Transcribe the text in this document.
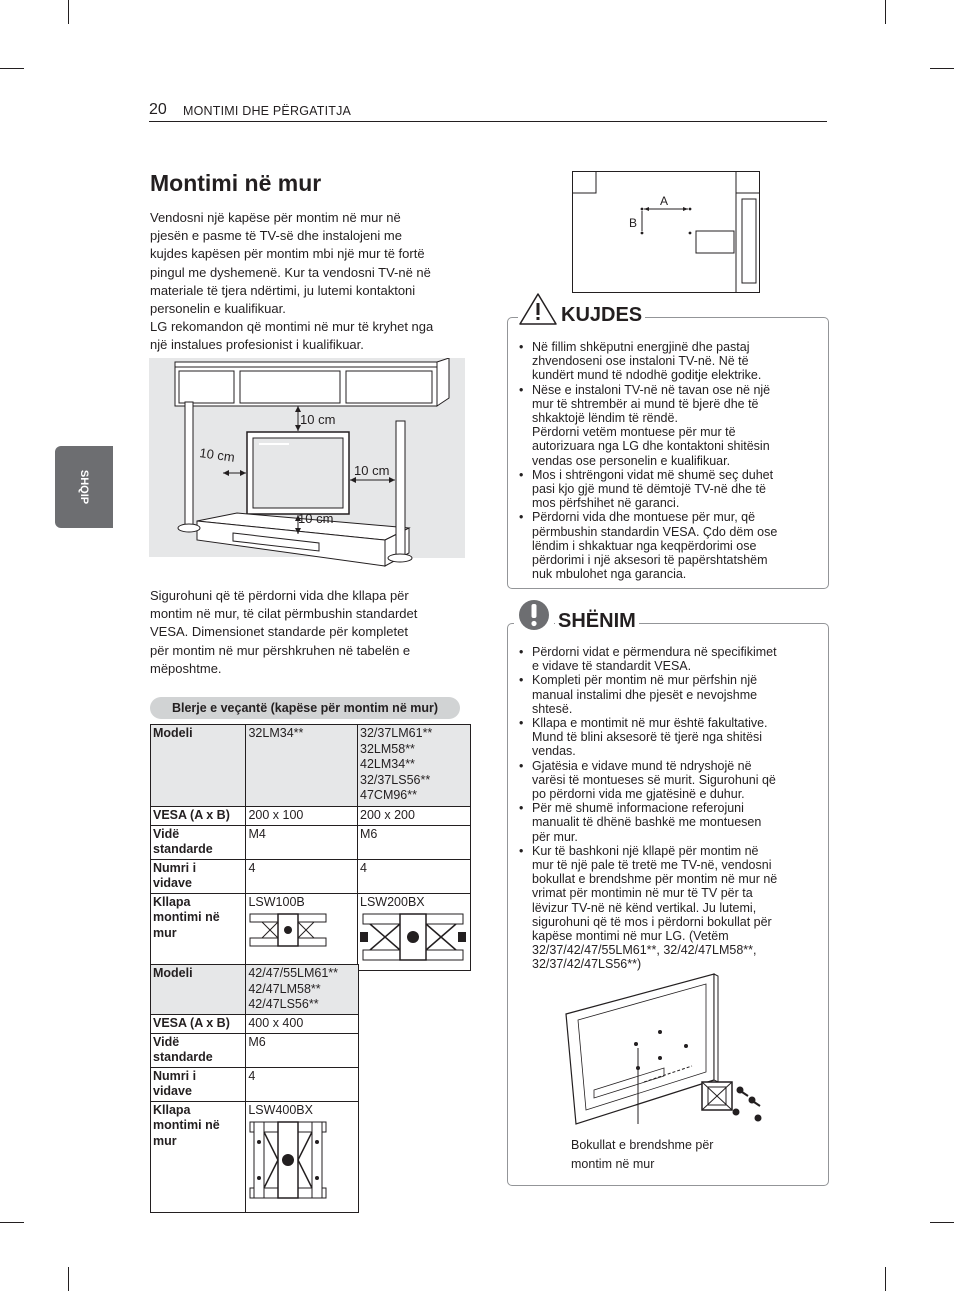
20 MONTIMI DHE PËRGATITJA
SHQIP
Montimi në mur
Vendosni një kapëse për montim në mur në
pjesën e pasme të TV-së dhe instalojeni me
kujdes kapësen për montim mbi një mur të fortë
pingul me dyshemenë. Kur ta vendosni TV-në në
materiale të tjera ndërtimi, ju lutemi kontaktoni
personelin e kualifikuar.
LG rekomandon që montimi në mur të kryhet nga
një instalues profesionist i kualifikuar.
10 cm
10 cm
10 cm
10 cm
Sigurohuni që të përdorni vida dhe kllapa për
montim në mur, të cilat përmbushin standardet
VESA. Dimensionet standarde për kompletet
për montim në mur përshkruhen në tabelën e
mëposhtme.
Blerje e veçantë (kapëse për montim në mur)
Modeli	32LM34**	32/37LM61**
32LM58**
42LM34**
32/37LS56**
47CM96**

VESA (A x B)	200 x 100	200 x 200

Vidë
standarde	M4	M6

Numri i
vidave	4	4

Kllapa
montimi në
mur	LSW100B	LSW200BX
Modeli	42/47/55LM61**
42/47LM58**
42/47LS56**

VESA (A x B)	400 x 400

Vidë
standarde	M6

Numri i
vidave	4

Kllapa
montimi në
mur	LSW400BX
A
B
KUJDES
• Në fillim shkëputni energjinë dhe pastaj
zhvendoseni ose instaloni TV-në. Në të
kundërt mund të ndodhë goditje elektrike.
• Nëse e instaloni TV-në në tavan ose në një
mur të shtrembër ai mund të bjerë dhe të
shkaktojë lëndim të rëndë.
Përdorni vetëm montuese për mur të
autorizuara nga LG dhe kontaktoni shitësin
vendas ose personelin e kualifikuar.
• Mos i shtrëngoni vidat më shumë seç duhet
pasi kjo gjë mund të dëmtojë TV-në dhe të
mos përfshihet në garanci.
• Përdorni vida dhe montuese për mur, që
përmbushin standardin VESA. Çdo dëm ose
lëndim i shkaktuar nga keqpërdorimi ose
përdorimi i një aksesori të papërshtatshëm
nuk mbulohet nga garancia.
SHËNIM
• Përdorni vidat e përmendura në specifikimet
e vidave të standardit VESA.
• Kompleti për montim në mur përfshin një
manual instalimi dhe pjesët e nevojshme
shtesë.
• Kllapa e montimit në mur është fakultative.
Mund të blini aksesorë të tjerë nga shitësi
vendas.
• Gjatësia e vidave mund të ndryshojë në
varësi të montueses së murit. Sigurohuni që
po përdorni vida me gjatësinë e duhur.
• Për më shumë informacione referojuni
manualit të dhënë bashkë me montuesen
për mur.
• Kur të bashkoni një kllapë për montim në
mur të një pale të tretë me TV-në, vendosni
bokullat e brendshme për montim në mur në
vrimat për montimin në mur të TV për ta
lëvizur TV-në në kënd vertikal. Ju lutemi,
sigurohuni që të mos i përdorni bokullat për
kapëse montimi në mur LG. (Vetëm
32/37/42/47/55LM61**, 32/42/47LM58**,
32/37/42/47LS56**)
Bokullat e brendshme për
montim në mur
